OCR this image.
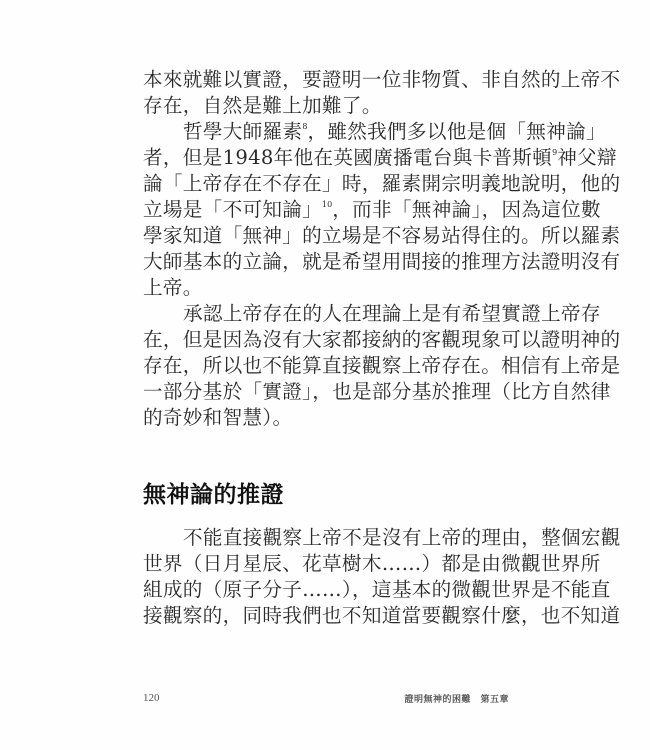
本來就難以實證，要證明一位非物質、非自然的上帝不
存在，自然是難上加難了。
哲學大師羅素$^8$，雖然我們多以他是個「無神論」
者，但是1948年他在英國廣播電台與卡普斯頓$^9$神父辯
論「上帝存在不存在」時，羅素開宗明義地說明，他的
立場是「不可知論」$^{10}$，而非「無神論」，因為這位數
學家知道「無神」的立場是不容易站得住的。所以羅素
大師基本的立論，就是希望用間接的推理方法證明沒有
上帝。
承認上帝存在的人在理論上是有希望實證上帝存
在，但是因為沒有大家都接納的客觀現象可以證明神的
存在，所以也不能算直接觀察上帝存在。相信有上帝是
一部分基於「實證」，也是部分基於推理（比方自然律
的奇妙和智慧）。
無神論的推證
不能直接觀察上帝不是沒有上帝的理由，整個宏觀
世界（日月星辰、花草樹木……）都是由微觀世界所
組成的（原子分子……），這基本的微觀世界是不能直
接觀察的，同時我們也不知道當要觀察什麼，也不知道
120	證明無神的困難　第五章
